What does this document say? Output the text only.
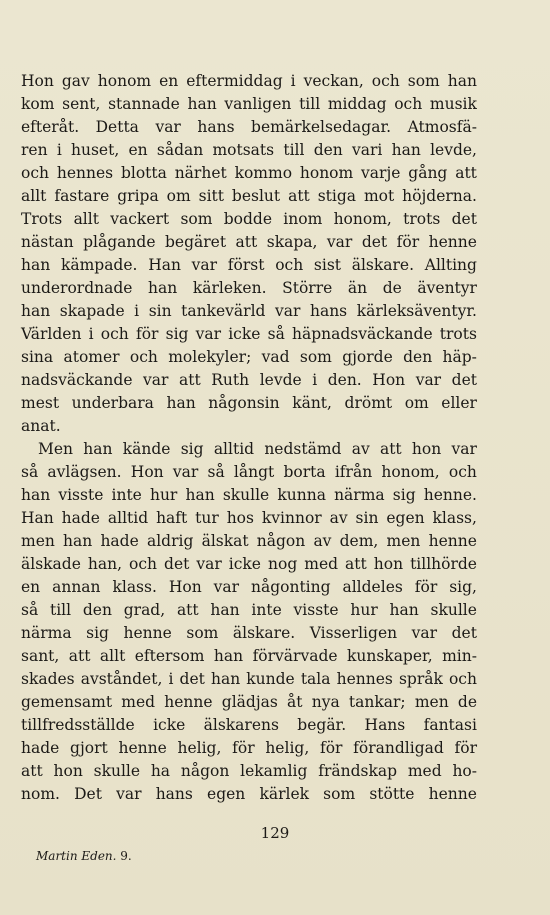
Hon gav honom en eftermiddag i veckan, och som han
kom sent, stannade han vanligen till middag och musik
efteråt. Detta var hans bemärkelsedagar. Atmosfä-
ren i huset, en sådan motsats till den vari han levde,
och hennes blotta närhet kommo honom varje gång att
allt fastare gripa om sitt beslut att stiga mot höjderna.
Trots allt vackert som bodde inom honom, trots det
nästan plågande begäret att skapa, var det för henne
han kämpade. Han var först och sist älskare. Allting
underordnade han kärleken. Större än de äventyr
han skapade i sin tankevärld var hans kärleksäventyr.
Världen i och för sig var icke så häpnadsväckande trots
sina atomer och molekyler; vad som gjorde den häp-
nadsväckande var att Ruth levde i den. Hon var det
mest underbara han någonsin känt, drömt om eller
anat.
Men han kände sig alltid nedstämd av att hon var
så avlägsen. Hon var så långt borta ifrån honom, och
han visste inte hur han skulle kunna närma sig henne.
Han hade alltid haft tur hos kvinnor av sin egen klass,
men han hade aldrig älskat någon av dem, men henne
älskade han, och det var icke nog med att hon tillhörde
en annan klass. Hon var någonting alldeles för sig,
så till den grad, att han inte visste hur han skulle
närma sig henne som älskare. Visserligen var det
sant, att allt eftersom han förvärvade kunskaper, min-
skades avståndet, i det han kunde tala hennes språk och
gemensamt med henne glädjas åt nya tankar; men de
tillfredsställde icke älskarens begär. Hans fantasi
hade gjort henne helig, för helig, för förandligad för
att hon skulle ha någon lekamlig frändskap med ho-
nom. Det var hans egen kärlek som stötte henne
129
Martin Eden. 9.
